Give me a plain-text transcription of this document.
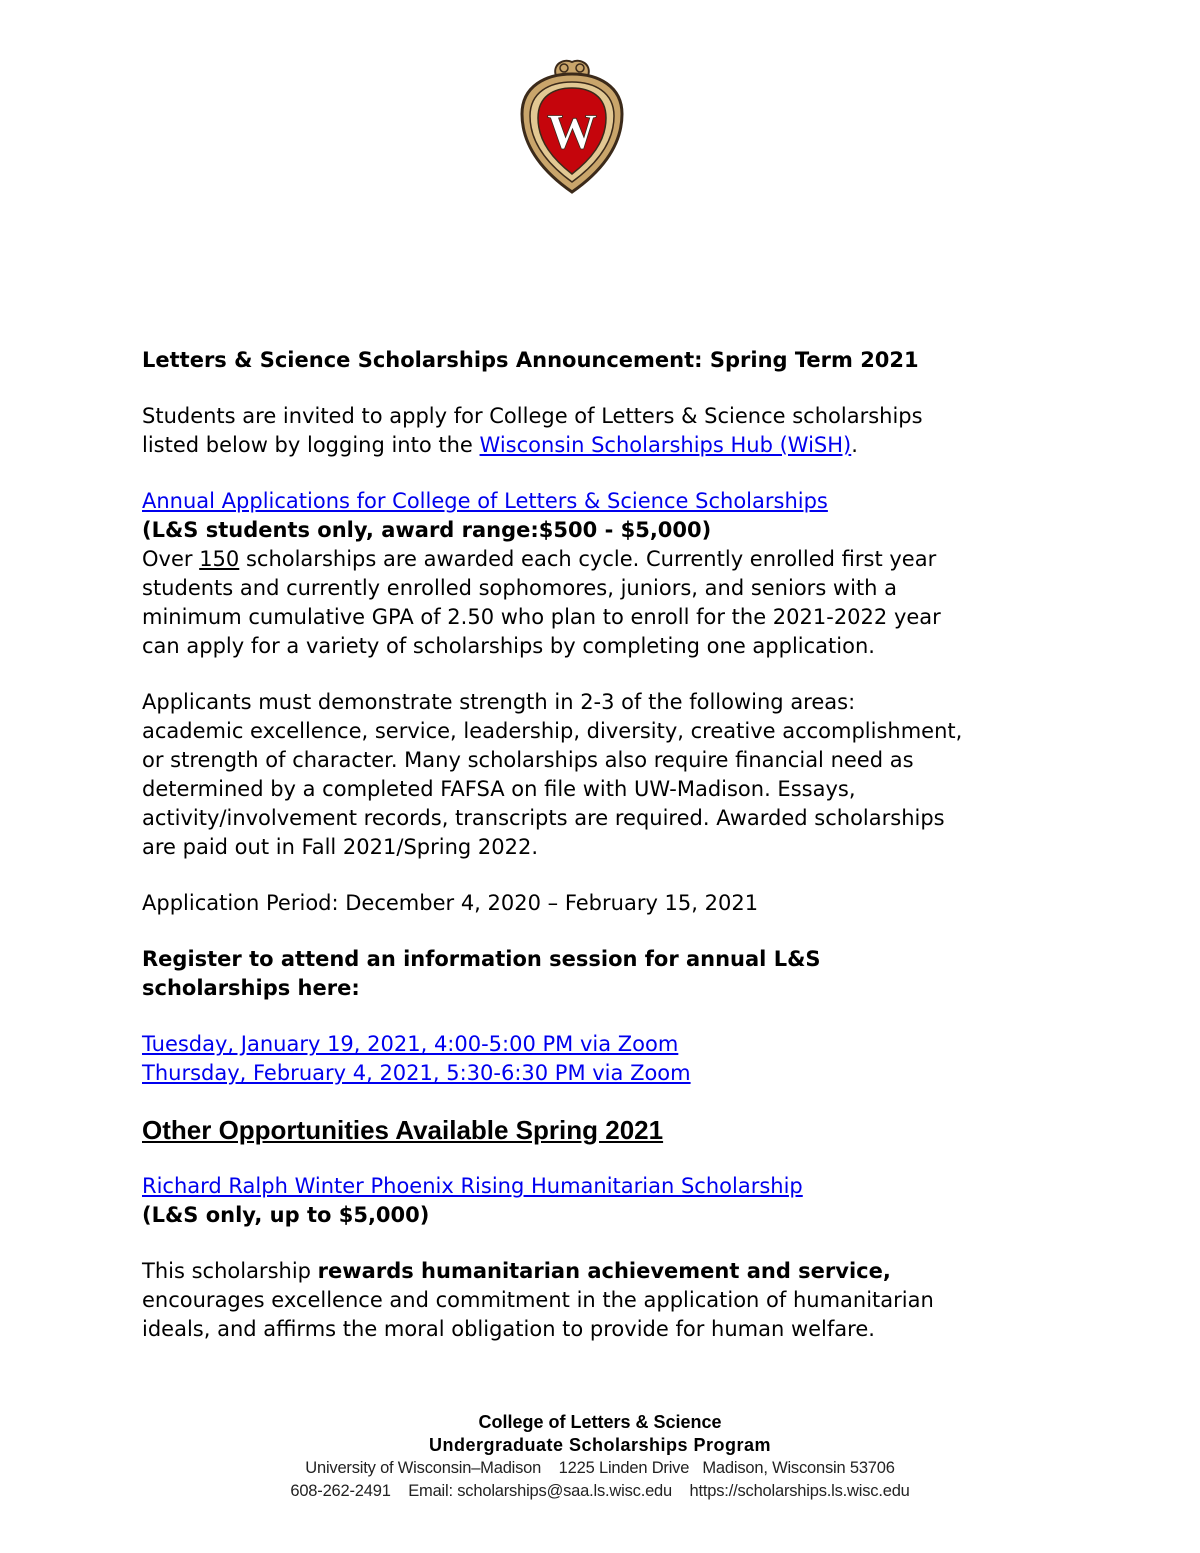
W

Letters & Science Scholarships Announcement: Spring Term 2021

Students are invited to apply for College of Letters & Science scholarships

listed below by logging into the Wisconsin Scholarships Hub (WiSH).

Annual Applications for College of Letters & Science Scholarships

(L&S students only, award range:$500 - $5,000)

Over 150 scholarships are awarded each cycle. Currently enrolled first year

students and currently enrolled sophomores, juniors, and seniors with a

minimum cumulative GPA of 2.50 who plan to enroll for the 2021-2022 year

can apply for a variety of scholarships by completing one application.

Applicants must demonstrate strength in 2-3 of the following areas:

academic excellence, service, leadership, diversity, creative accomplishment,

or strength of character. Many scholarships also require financial need as

determined by a completed FAFSA on file with UW-Madison. Essays,

activity/involvement records, transcripts are required. Awarded scholarships

are paid out in Fall 2021/Spring 2022.

Application Period: December 4, 2020 – February 15, 2021

Register to attend an information session for annual L&S

scholarships here:

Tuesday, January 19, 2021, 4:00-5:00 PM via Zoom

Thursday, February 4, 2021, 5:30-6:30 PM via Zoom

Other Opportunities Available Spring 2021

Richard Ralph Winter Phoenix Rising Humanitarian Scholarship

(L&S only, up to $5,000)

This scholarship rewards humanitarian achievement and service,

encourages excellence and commitment in the application of humanitarian

ideals, and affirms the moral obligation to provide for human welfare.

College of Letters & Science
Undergraduate Scholarships Program
University of Wisconsin–Madison    1225 Linden Drive   Madison, Wisconsin 53706
608-262-2491    Email: scholarships@saa.ls.wisc.edu    https://scholarships.ls.wisc.edu
